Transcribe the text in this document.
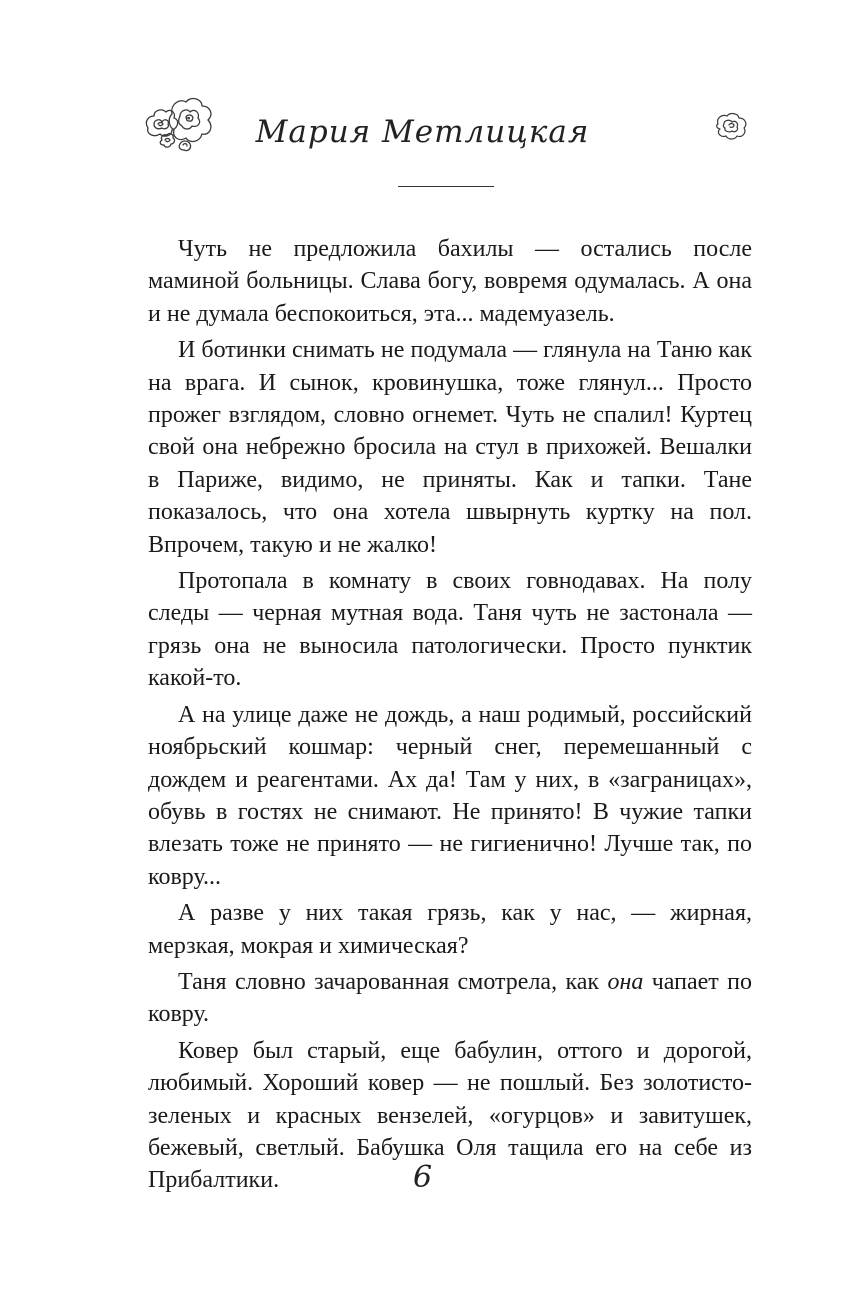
Мария Метлицкая

Чуть не предложила бахилы — остались после маминой больницы. Слава богу, вовремя одумалась. А она и не думала беспокоиться, эта... мадемуазель.

И ботинки снимать не подумала — глянула на Таню как на врага. И сынок, кровинушка, тоже глянул... Просто прожег взглядом, словно огнемет. Чуть не спалил! Куртец свой она небрежно бросила на стул в прихожей. Вешалки в Париже, видимо, не приняты. Как и тапки. Тане показалось, что она хотела швырнуть куртку на пол. Впрочем, такую и не жалко!

Протопала в комнату в своих говнодавах. На полу следы — черная мутная вода. Таня чуть не застонала — грязь она не выносила патологически. Просто пунктик какой-то.

А на улице даже не дождь, а наш родимый, российский ноябрьский кошмар: черный снег, перемешанный с дождем и реагентами. Ах да! Там у них, в «заграницах», обувь в гостях не снимают. Не принято! В чужие тапки влезать тоже не принято — не гигиенично! Лучше так, по ковру...

А разве у них такая грязь, как у нас, — жирная, мерзкая, мокрая и химическая?

Таня словно зачарованная смотрела, как она чапает по ковру.

Ковер был старый, еще бабулин, оттого и дорогой, любимый. Хороший ковер — не пошлый. Без золотисто-зеленых и красных вензелей, «огурцов» и завитушек, бежевый, светлый. Бабушка Оля тащила его на себе из Прибалтики.	6
